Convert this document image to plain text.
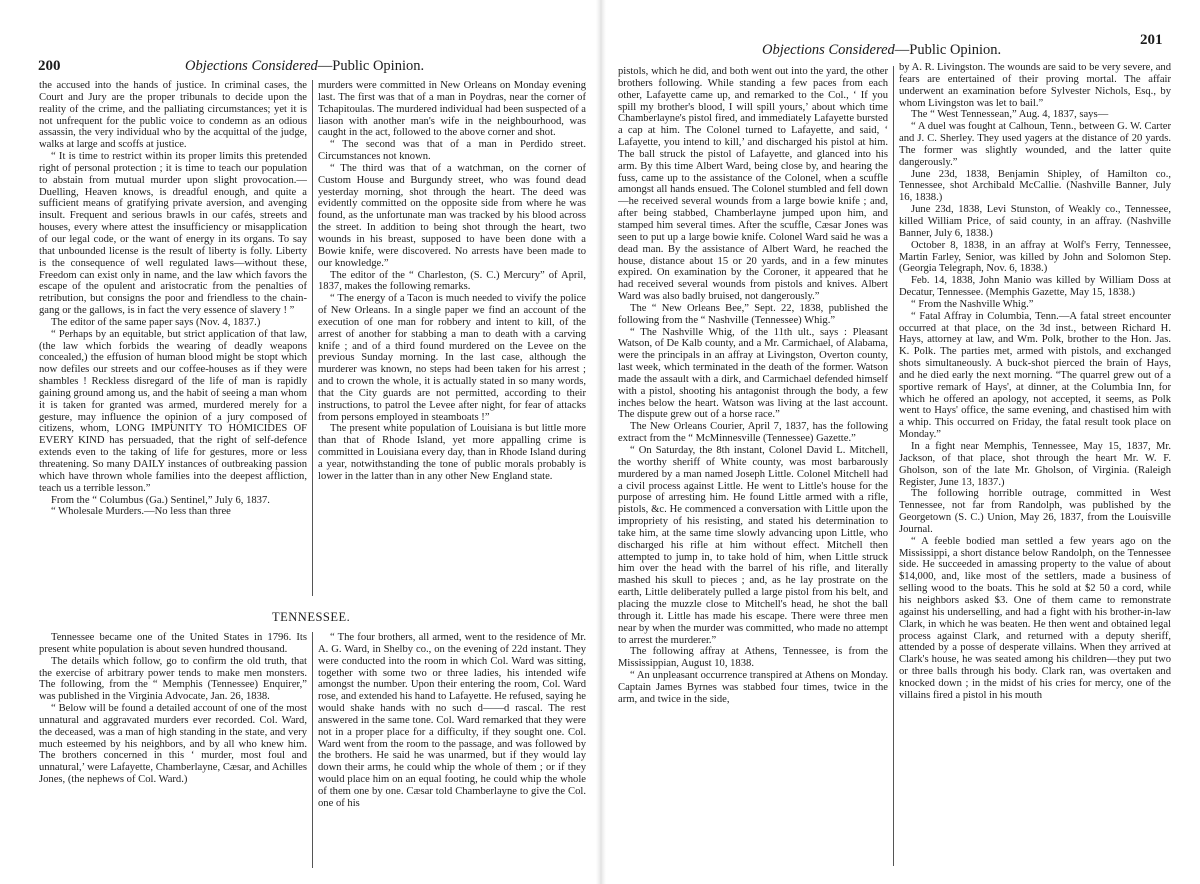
200	Objections Considered—Public Opinion.

the accused into the hands of justice. In criminal cases, the Court and Jury are the proper tribunals to decide upon the reality of the crime, and the palliating circumstances; yet it is not unfrequent for the public voice to condemn as an odious assassin, the very individual who by the acquittal of the judge, walks at large and scoffs at justice.

“ It is time to restrict within its proper limits this pretended right of personal protection ; it is time to teach our population to abstain from mutual murder upon slight provocation.—Duelling, Heaven knows, is dreadful enough, and quite a sufficient means of gratifying private aversion, and avenging insult. Frequent and serious brawls in our cafés, streets and houses, every where attest the insufficiency or misapplication of our legal code, or the want of energy in its organs. To say that unbounded license is the result of liberty is folly. Liberty is the consequence of well regulated laws—without these, Freedom can exist only in name, and the law which favors the escape of the opulent and aristocratic from the penalties of retribution, but consigns the poor and friendless to the chain-gang or the gallows, is in fact the very essence of slavery ! ”

The editor of the same paper says (Nov. 4, 1837.)

“ Perhaps by an equitable, but strict application of that law, (the law which forbids the wearing of deadly weapons concealed,) the effusion of human blood might be stopt which now defiles our streets and our coffee-houses as if they were shambles ! Reckless disregard of the life of man is rapidly gaining ground among us, and the habit of seeing a man whom it is taken for granted was armed, murdered merely for a gesture, may influence the opinion of a jury composed of citizens, whom, LONG IMPUNITY TO HOMICIDES OF EVERY KIND has persuaded, that the right of self-defence extends even to the taking of life for gestures, more or less threatening. So many DAILY instances of outbreaking passion which have thrown whole families into the deepest affliction, teach us a terrible lesson.”

From the “ Columbus (Ga.) Sentinel,” July 6, 1837.

“ Wholesale Murders.—No less than three

murders were committed in New Orleans on Monday evening last. The first was that of a man in Poydras, near the corner of Tchapitoulas. The murdered individual had been suspected of a liason with another man's wife in the neighbourhood, was caught in the act, followed to the above corner and shot.

“ The second was that of a man in Perdido street. Circumstances not known.

“ The third was that of a watchman, on the corner of Custom House and Burgundy street, who was found dead yesterday morning, shot through the heart. The deed was evidently committed on the opposite side from where he was found, as the unfortunate man was tracked by his blood across the street. In addition to being shot through the heart, two wounds in his breast, supposed to have been done with a Bowie knife, were discovered. No arrests have been made to our knowledge.”

The editor of the “ Charleston, (S. C.) Mercury” of April, 1837, makes the following remarks.

“ The energy of a Tacon is much needed to vivify the police of New Orleans. In a single paper we find an account of the execution of one man for robbery and intent to kill, of the arrest of another for stabbing a man to death with a carving knife ; and of a third found murdered on the Levee on the previous Sunday morning. In the last case, although the murderer was known, no steps had been taken for his arrest ; and to crown the whole, it is actually stated in so many words, that the City guards are not permitted, according to their instructions, to patrol the Levee after night, for fear of attacks from persons employed in steamboats !”

The present white population of Louisiana is but little more than that of Rhode Island, yet more appalling crime is committed in Louisiana every day, than in Rhode Island during a year, notwithstanding the tone of public morals probably is lower in the latter than in any other New England state.

TENNESSEE.

Tennessee became one of the United States in 1796. Its present white population is about seven hundred thousand.

The details which follow, go to confirm the old truth, that the exercise of arbitrary power tends to make men monsters. The following, from the “ Memphis (Tennessee) Enquirer,” was published in the Virginia Advocate, Jan. 26, 1838.

“ Below will be found a detailed account of one of the most unnatural and aggravated murders ever recorded. Col. Ward, the deceased, was a man of high standing in the state, and very much esteemed by his neighbors, and by all who knew him. The brothers concerned in this ‘ murder, most foul and unnatural,’ were Lafayette, Chamberlayne, Cæsar, and Achilles Jones, (the nephews of Col. Ward.)

“ The four brothers, all armed, went to the residence of Mr. A. G. Ward, in Shelby co., on the evening of 22d instant. They were conducted into the room in which Col. Ward was sitting, together with some two or three ladies, his intended wife amongst the number. Upon their entering the room, Col. Ward rose, and extended his hand to Lafayette. He refused, saying he would shake hands with no such d——d rascal. The rest answered in the same tone. Col. Ward remarked that they were not in a proper place for a difficulty, if they sought one. Col. Ward went from the room to the passage, and was followed by the brothers. He said he was unarmed, but if they would lay down their arms, he could whip the whole of them ; or if they would place him on an equal footing, he could whip the whole of them one by one. Cæsar told Chamberlayne to give the Col. one of his

Objections Considered—Public Opinion.
201

pistols, which he did, and both went out into the yard, the other brothers following. While standing a few paces from each other, Lafayette came up, and remarked to the Col., ‘ If you spill my brother's blood, I will spill yours,’ about which time Chamberlayne's pistol fired, and immediately Lafayette bursted a cap at him. The Colonel turned to Lafayette, and said, ‘ Lafayette, you intend to kill,’ and discharged his pistol at him. The ball struck the pistol of Lafayette, and glanced into his arm. By this time Albert Ward, being close by, and hearing the fuss, came up to the assistance of the Colonel, when a scuffle amongst all hands ensued. The Colonel stumbled and fell down—he received several wounds from a large bowie knife ; and, after being stabbed, Chamberlayne jumped upon him, and stamped him several times. After the scuffle, Cæsar Jones was seen to put up a large bowie knife. Colonel Ward said he was a dead man. By the assistance of Albert Ward, he reached the house, distance about 15 or 20 yards, and in a few minutes expired. On examination by the Coroner, it appeared that he had received several wounds from pistols and knives. Albert Ward was also badly bruised, not dangerously.”

The “ New Orleans Bee,” Sept. 22, 1838, published the following from the “ Nashville (Tennessee) Whig.”

“ The Nashville Whig, of the 11th ult., says : Pleasant Watson, of De Kalb county, and a Mr. Carmichael, of Alabama, were the principals in an affray at Livingston, Overton county, last week, which terminated in the death of the former. Watson made the assault with a dirk, and Carmichael defended himself with a pistol, shooting his antagonist through the body, a few inches below the heart. Watson was living at the last account. The dispute grew out of a horse race.”

The New Orleans Courier, April 7, 1837, has the following extract from the “ McMinnesville (Tennessee) Gazette.”

“ On Saturday, the 8th instant, Colonel David L. Mitchell, the worthy sheriff of White county, was most barbarously murdered by a man named Joseph Little. Colonel Mitchell had a civil process against Little. He went to Little's house for the purpose of arresting him. He found Little armed with a rifle, pistols, &c. He commenced a conversation with Little upon the impropriety of his resisting, and stated his determination to take him, at the same time slowly advancing upon Little, who discharged his rifle at him without effect. Mitchell then attempted to jump in, to take hold of him, when Little struck him over the head with the barrel of his rifle, and literally mashed his skull to pieces ; and, as he lay prostrate on the earth, Little deliberately pulled a large pistol from his belt, and placing the muzzle close to Mitchell's head, he shot the ball through it. Little has made his escape. There were three men near by when the murder was committed, who made no attempt to arrest the murderer.”

The following affray at Athens, Tennessee, is from the Mississippian, August 10, 1838.

“ An unpleasant occurrence transpired at Athens on Monday. Captain James Byrnes was stabbed four times, twice in the arm, and twice in the side,

by A. R. Livingston. The wounds are said to be very severe, and fears are entertained of their proving mortal. The affair underwent an examination before Sylvester Nichols, Esq., by whom Livingston was let to bail.”

The “ West Tennessean,” Aug. 4, 1837, says—

“ A duel was fought at Calhoun, Tenn., between G. W. Carter and J. C. Sherley. They used yagers at the distance of 20 yards. The former was slightly wounded, and the latter quite dangerously.”

June 23d, 1838, Benjamin Shipley, of Hamilton co., Tennessee, shot Archibald McCallie. (Nashville Banner, July 16, 1838.)

June 23d, 1838, Levi Stunston, of Weakly co., Tennessee, killed William Price, of said county, in an affray. (Nashville Banner, July 6, 1838.)

October 8, 1838, in an affray at Wolf's Ferry, Tennessee, Martin Farley, Senior, was killed by John and Solomon Step. (Georgia Telegraph, Nov. 6, 1838.)

Feb. 14, 1838, John Manio was killed by William Doss at Decatur, Tennessee. (Memphis Gazette, May 15, 1838.)

“ From the Nashville Whig.”

“ Fatal Affray in Columbia, Tenn.—A fatal street encounter occurred at that place, on the 3d inst., between Richard H. Hays, attorney at law, and Wm. Polk, brother to the Hon. Jas. K. Polk. The parties met, armed with pistols, and exchanged shots simultaneously. A buck-shot pierced the brain of Hays, and he died early the next morning. “The quarrel grew out of a sportive remark of Hays', at dinner, at the Columbia Inn, for which he offered an apology, not accepted, it seems, as Polk went to Hays' office, the same evening, and chastised him with a whip. This occurred on Friday, the fatal result took place on Monday.”

In a fight near Memphis, Tennessee, May 15, 1837, Mr. Jackson, of that place, shot through the heart Mr. W. F. Gholson, son of the late Mr. Gholson, of Virginia. (Raleigh Register, June 13, 1837.)

The following horrible outrage, committed in West Tennessee, not far from Randolph, was published by the Georgetown (S. C.) Union, May 26, 1837, from the Louisville Journal.

“ A feeble bodied man settled a few years ago on the Mississippi, a short distance below Randolph, on the Tennessee side. He succeeded in amassing property to the value of about $14,000, and, like most of the settlers, made a business of selling wood to the boats. This he sold at $2 50 a cord, while his neighbors asked $3. One of them came to remonstrate against his underselling, and had a fight with his brother-in-law Clark, in which he was beaten. He then went and obtained legal process against Clark, and returned with a deputy sheriff, attended by a posse of desperate villains. When they arrived at Clark's house, he was seated among his children—they put two or three balls through his body. Clark ran, was overtaken and knocked down ; in the midst of his cries for mercy, one of the villains fired a pistol in his mouth
